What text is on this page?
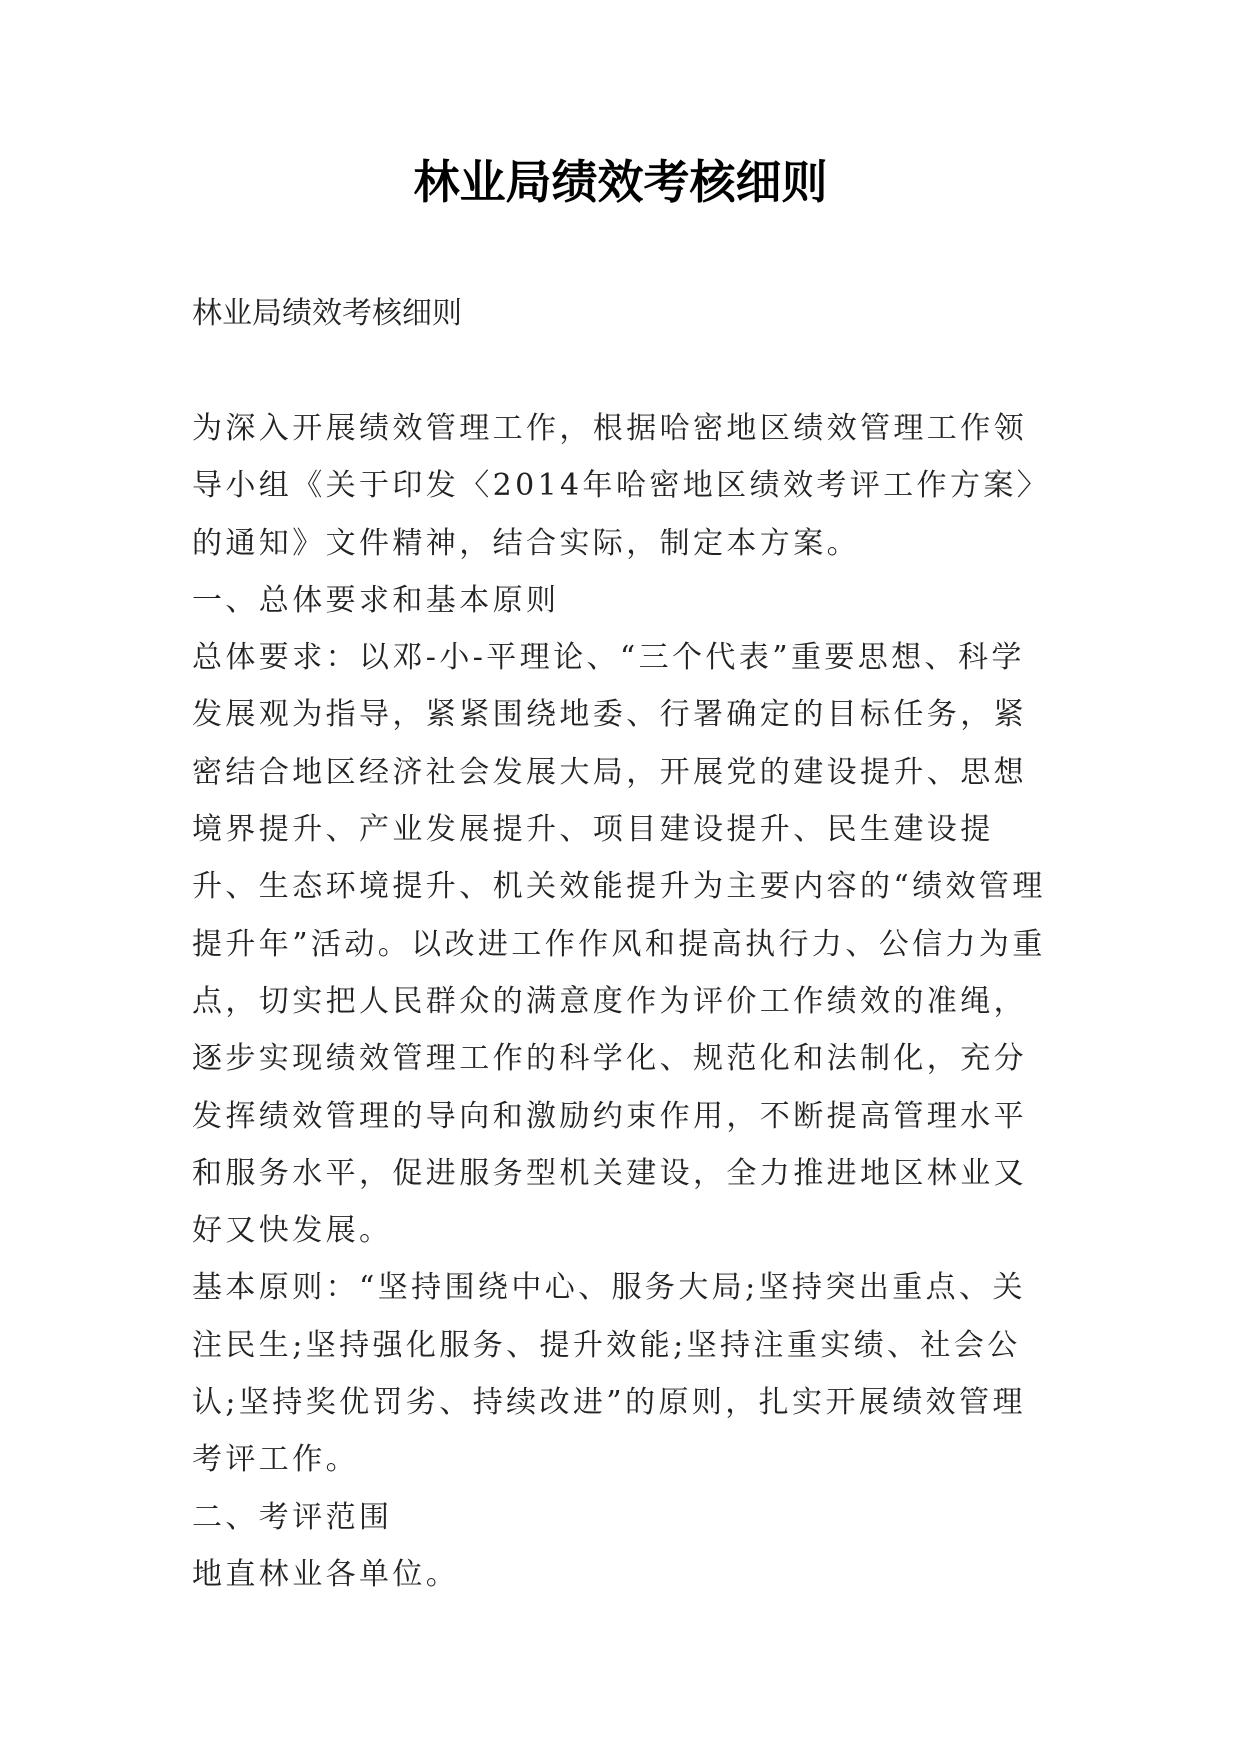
林业局绩效考核细则
林业局绩效考核细则

为深入开展绩效管理工作，根据哈密地区绩效管理工作领导小组《关于印发〈2014年哈密地区绩效考评工作方案〉的通知》文件精神，结合实际，制定本方案。

一、总体要求和基本原则

总体要求：以邓-小-平理论、“三个代表”重要思想、科学发展观为指导，紧紧围绕地委、行署确定的目标任务，紧密结合地区经济社会发展大局，开展党的建设提升、思想境界提升、产业发展提升、项目建设提升、民生建设提升、生态环境提升、机关效能提升为主要内容的“绩效管理提升年”活动。以改进工作作风和提高执行力、公信力为重点，切实把人民群众的满意度作为评价工作绩效的准绳，逐步实现绩效管理工作的科学化、规范化和法制化，充分发挥绩效管理的导向和激励约束作用，不断提高管理水平和服务水平，促进服务型机关建设，全力推进地区林业又好又快发展。

基本原则：“坚持围绕中心、服务大局;坚持突出重点、关注民生;坚持强化服务、提升效能;坚持注重实绩、社会公认;坚持奖优罚劣、持续改进”的原则，扎实开展绩效管理考评工作。

二、考评范围

地直林业各单位。
